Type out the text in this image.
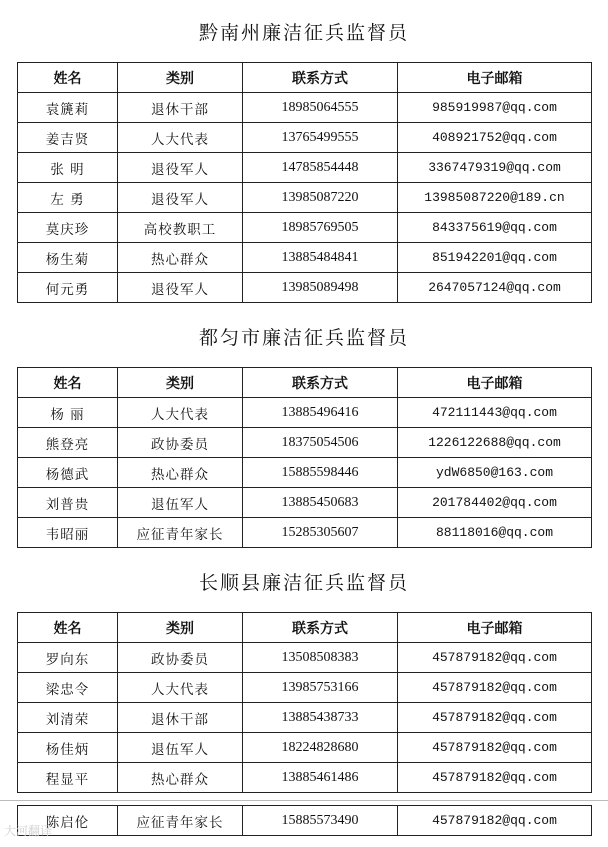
黔南州廉洁征兵监督员
姓名	类别	联系方式	电子邮箱
袁篪莉	退休干部	18985064555	985919987@qq.com
姜吉贤	人大代表	13765499555	408921752@qq.com
张 明	退役军人	14785854448	3367479319@qq.com
左 勇	退役军人	13985087220	13985087220@189.cn
莫庆珍	高校教职工	18985769505	843375619@qq.com
杨生菊	热心群众	13885484841	851942201@qq.com
何元勇	退役军人	13985089498	2647057124@qq.com
都匀市廉洁征兵监督员
姓名	类别	联系方式	电子邮箱
杨 丽	人大代表	13885496416	472111443@qq.com
熊登亮	政协委员	18375054506	1226122688@qq.com
杨德武	热心群众	15885598446	ydW6850@163.com
刘普贵	退伍军人	13885450683	201784402@qq.com
韦昭丽	应征青年家长	15285305607	88118016@qq.com
长顺县廉洁征兵监督员
姓名	类别	联系方式	电子邮箱
罗向东	政协委员	13508508383	457879182@qq.com
梁忠令	人大代表	13985753166	457879182@qq.com
刘清荣	退休干部	13885438733	457879182@qq.com
杨佳炳	退伍军人	18224828680	457879182@qq.com
程显平	热心群众	13885461486	457879182@qq.com
陈启伦	应征青年家长	15885573490	457879182@qq.com
大河翻译
